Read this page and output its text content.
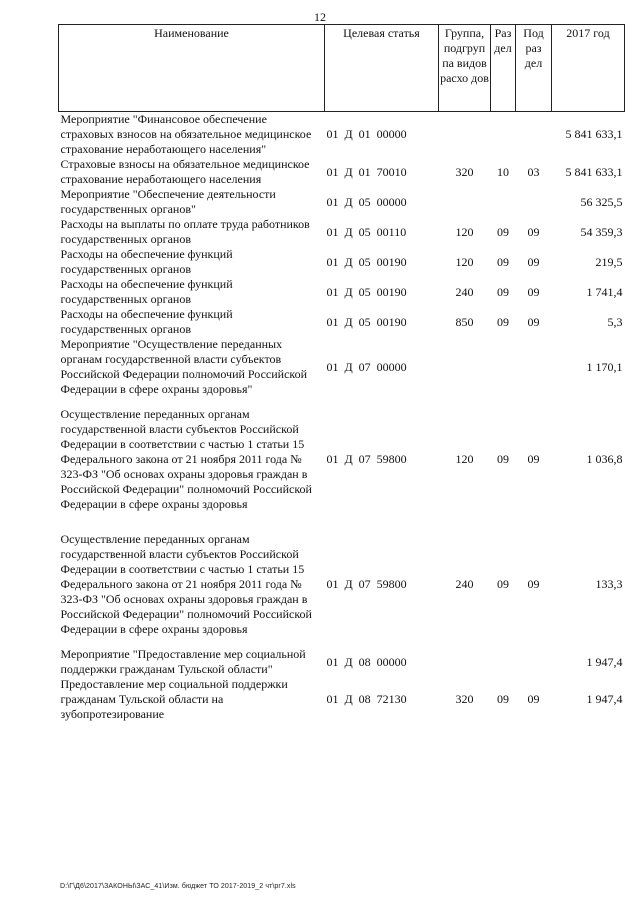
12
Наименование	Целевая статья	Группа, подгруп па видов расхо дов	Раз дел	Под раз дел	2017 год
Мероприятие "Финансовое обеспечение страховых взносов на обязательное медицинское страхование неработающего населения"	01 Д 01 00000				5 841 633,1
Страховые взносы на обязательное медицинское страхование неработающего населения	01 Д 01 70010	320	10	03	5 841 633,1
Мероприятие "Обеспечение деятельности государственных органов"	01 Д 05 00000				56 325,5
Расходы на выплаты по оплате труда работников государственных органов	01 Д 05 00110	120	09	09	54 359,3
Расходы на обеспечение функций государственных органов	01 Д 05 00190	120	09	09	219,5
Расходы на обеспечение функций государственных органов	01 Д 05 00190	240	09	09	1 741,4
Расходы на обеспечение функций государственных органов	01 Д 05 00190	850	09	09	5,3
Мероприятие "Осуществление переданных органам государственной власти субъектов Российской Федерации полномочий Российской Федерации в сфере охраны здоровья"	01 Д 07 00000				1 170,1
Осуществление переданных органам государственной власти субъектов Российской Федерации в соответствии с частью 1 статьи 15 Федерального закона от 21 ноября 2011 года № 323-ФЗ "Об основах охраны здоровья граждан в Российской Федерации" полномочий Российской Федерации в сфере охраны здоровья	01 Д 07 59800	120	09	09	1 036,8
Осуществление переданных органам государственной власти субъектов Российской Федерации в соответствии с частью 1 статьи 15 Федерального закона от 21 ноября 2011 года № 323-ФЗ "Об основах охраны здоровья граждан в Российской Федерации" полномочий Российской Федерации в сфере охраны здоровья	01 Д 07 59800	240	09	09	133,3
Мероприятие "Предоставление мер социальной поддержки гражданам Тульской области"	01 Д 08 00000				1 947,4
Предоставление мер социальной поддержки гражданам Тульской области на зубопротезирование	01 Д 08 72130	320	09	09	1 947,4
D:\Г\Д6\2017\ЗАКОНЫ\ЗАС_41\Изм. бюджет ТО 2017-2019_2 чт\pr7.xls
